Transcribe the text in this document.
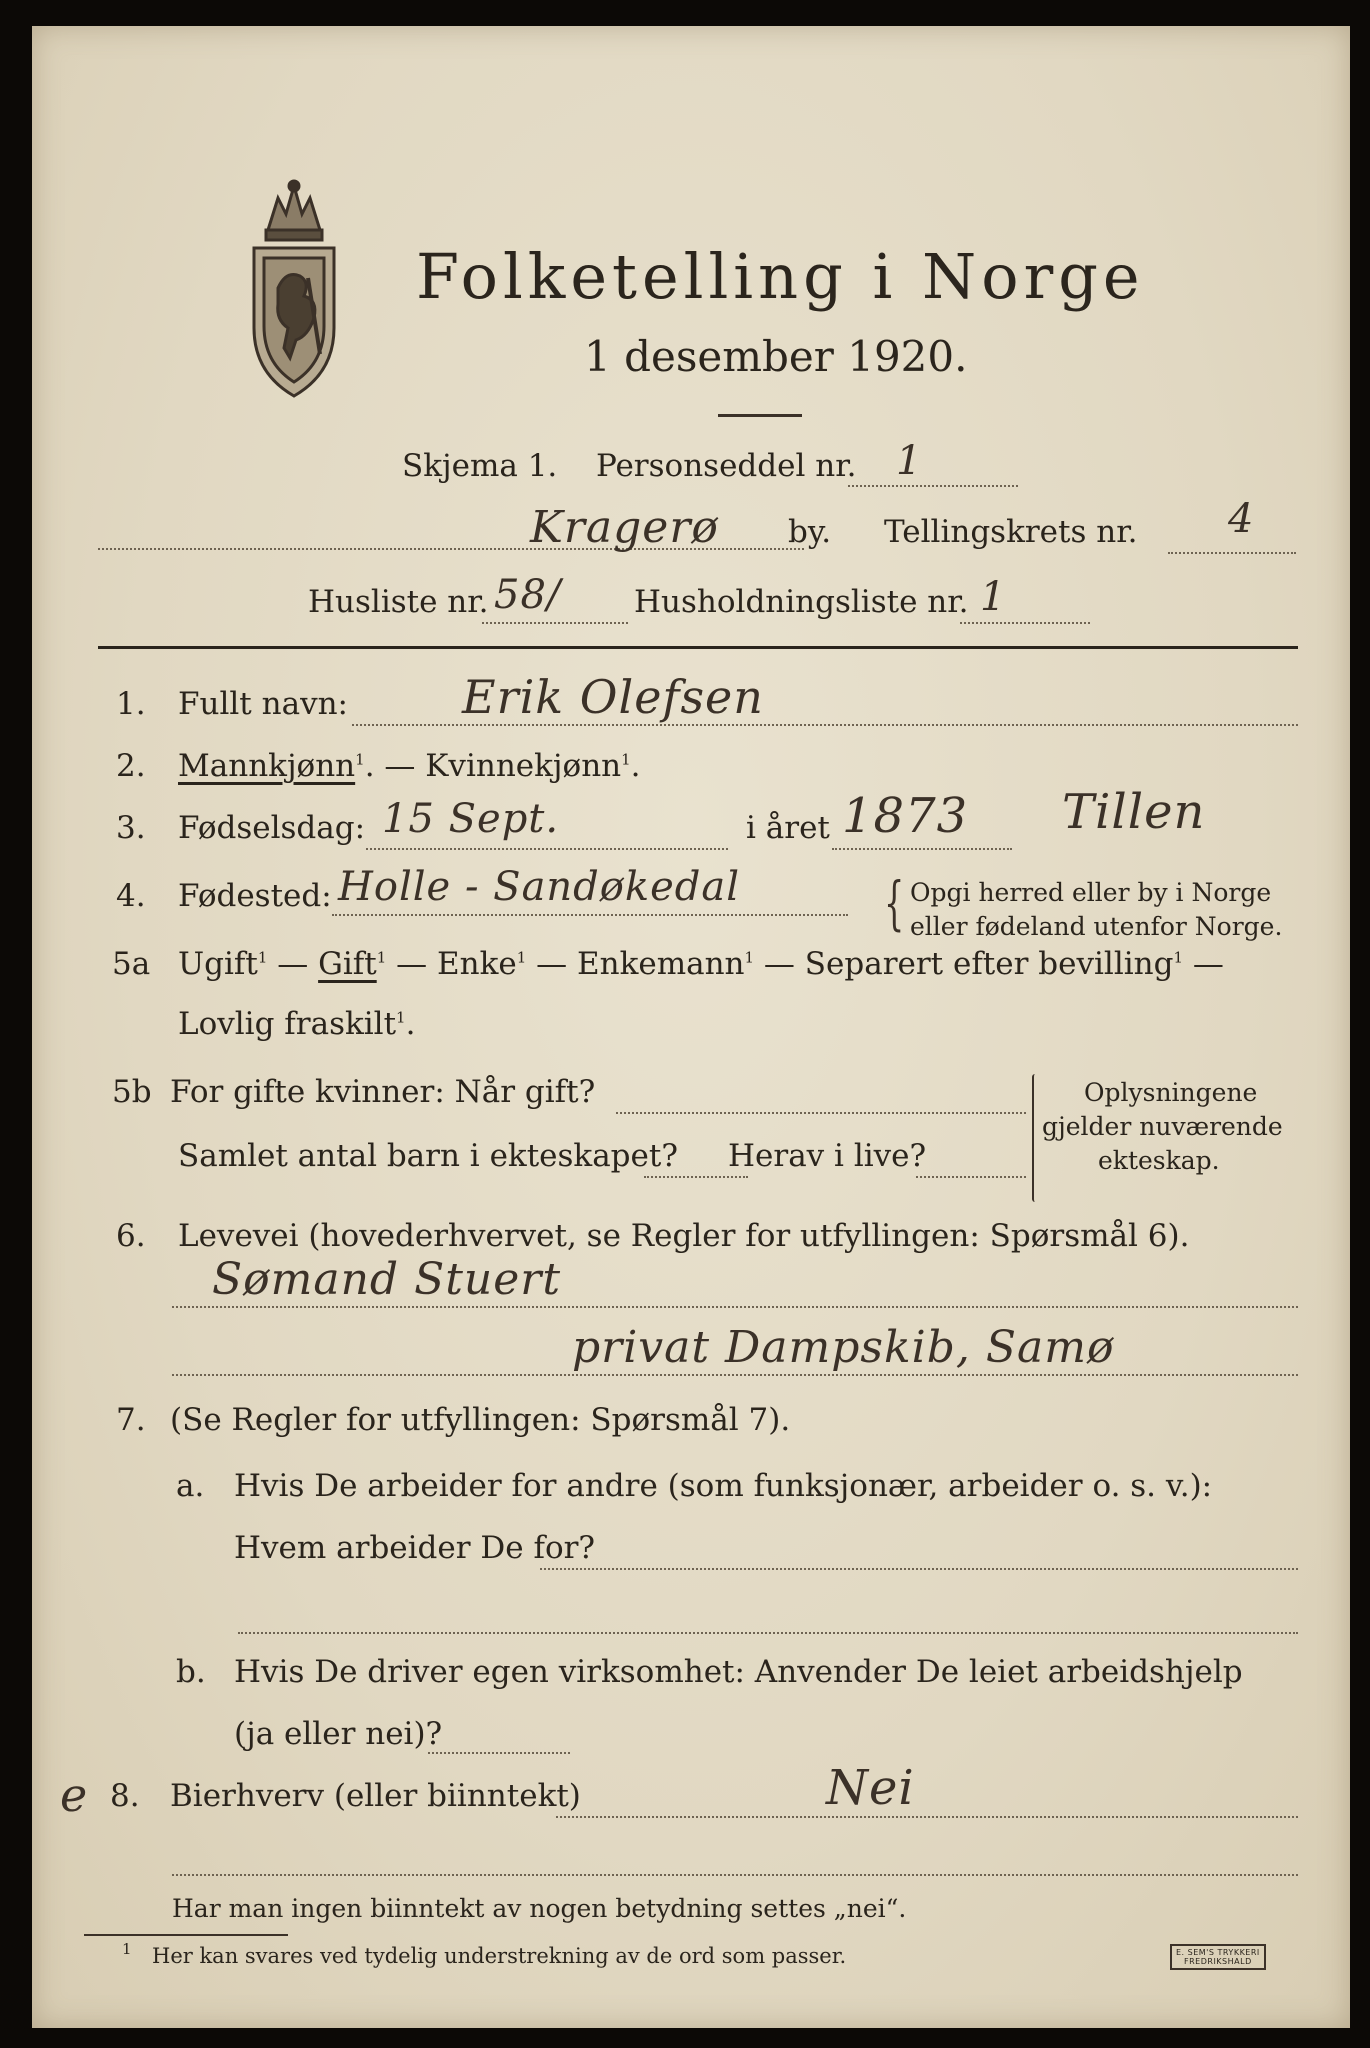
Folketelling i Norge
1 desember 1920.
Skjema 1. Personseddel nr. 1
Kragerø by. Tellingskrets nr. 4
Husliste nr. 58/ Husholdningsliste nr. 1
1. Fullt navn: Erik Olefsen
2. Mannkjønn$^1$. — Kvinnekjønn$^1$.
3. Fødselsdag: 15 Sept.	i året 1873 Tillen
4. Fødested: Holle - Sandøkedal { Opgi herred eller by i Norge
eller fødeland utenfor Norge.
5a Ugift$^1$ — Gift$^1$ — Enke$^1$ — Enkemann$^1$ — Separert efter bevilling$^1$ —
Lovlig fraskilt$^1$.
5b For gifte kvinner: Når gift?
Samlet antal barn i ekteskapet? Herav i live?
Oplysningene
gjelder nuværende
ekteskap.
6. Levevei (hovederhvervet, se Regler for utfyllingen: Spørsmål 6).
Sømand Stuert
privat Dampskib, Samø
7. (Se Regler for utfyllingen: Spørsmål 7).
a. Hvis De arbeider for andre (som funksjonær, arbeider o. s. v.):
Hvem arbeider De for?
b. Hvis De driver egen virksomhet: Anvender De leiet arbeidshjelp
(ja eller nei)?
e 8. Bierhverv (eller biinntekt)	Nei
Har man ingen biinntekt av nogen betydning settes „nei“.
1 Her kan svares ved tydelig understrekning av de ord som passer.	E. SEM'S TRYKKERI
FREDRIKSHALD
